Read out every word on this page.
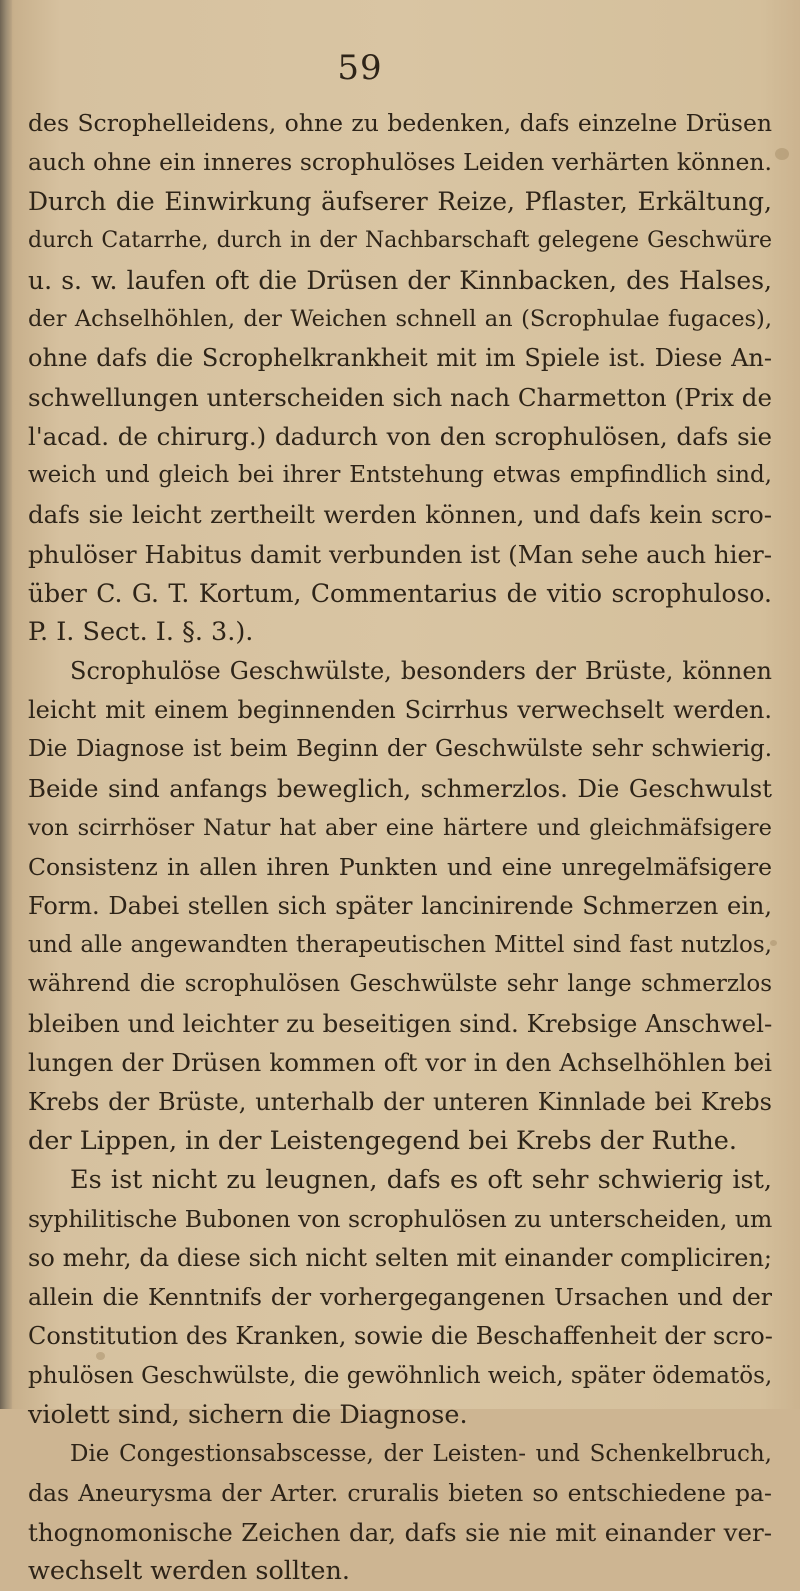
59
des Scrophelleidens, ohne zu bedenken, dafs einzelne Drüsen
auch ohne ein inneres scrophulöses Leiden verhärten können.
Durch die Einwirkung äufserer Reize, Pflaster, Erkältung,
durch Catarrhe, durch in der Nachbarschaft gelegene Geschwüre
u. s. w. laufen oft die Drüsen der Kinnbacken, des Halses,
der Achselhöhlen, der Weichen schnell an (Scrophulae fugaces),
ohne dafs die Scrophelkrankheit mit im Spiele ist. Diese An-
schwellungen unterscheiden sich nach Charmetton (Prix de
l'acad. de chirurg.) dadurch von den scrophulösen, dafs sie
weich und gleich bei ihrer Entstehung etwas empfindlich sind,
dafs sie leicht zertheilt werden können, und dafs kein scro-
phulöser Habitus damit verbunden ist (Man sehe auch hier-
über C. G. T. Kortum, Commentarius de vitio scrophuloso.
P. I. Sect. I. §. 3.).
Scrophulöse Geschwülste, besonders der Brüste, können
leicht mit einem beginnenden Scirrhus verwechselt werden.
Die Diagnose ist beim Beginn der Geschwülste sehr schwierig.
Beide sind anfangs beweglich, schmerzlos. Die Geschwulst
von scirrhöser Natur hat aber eine härtere und gleichmäfsigere
Consistenz in allen ihren Punkten und eine unregelmäfsigere
Form. Dabei stellen sich später lancinirende Schmerzen ein,
und alle angewandten therapeutischen Mittel sind fast nutzlos,
während die scrophulösen Geschwülste sehr lange schmerzlos
bleiben und leichter zu beseitigen sind. Krebsige Anschwel-
lungen der Drüsen kommen oft vor in den Achselhöhlen bei
Krebs der Brüste, unterhalb der unteren Kinnlade bei Krebs
der Lippen, in der Leistengegend bei Krebs der Ruthe.
Es ist nicht zu leugnen, dafs es oft sehr schwierig ist,
syphilitische Bubonen von scrophulösen zu unterscheiden, um
so mehr, da diese sich nicht selten mit einander compliciren;
allein die Kenntnifs der vorhergegangenen Ursachen und der
Constitution des Kranken, sowie die Beschaffenheit der scro-
phulösen Geschwülste, die gewöhnlich weich, später ödematös,
violett sind, sichern die Diagnose.
Die Congestionsabscesse, der Leisten- und Schenkelbruch,
das Aneurysma der Arter. cruralis bieten so entschiedene pa-
thognomonische Zeichen dar, dafs sie nie mit einander ver-
wechselt werden sollten.
